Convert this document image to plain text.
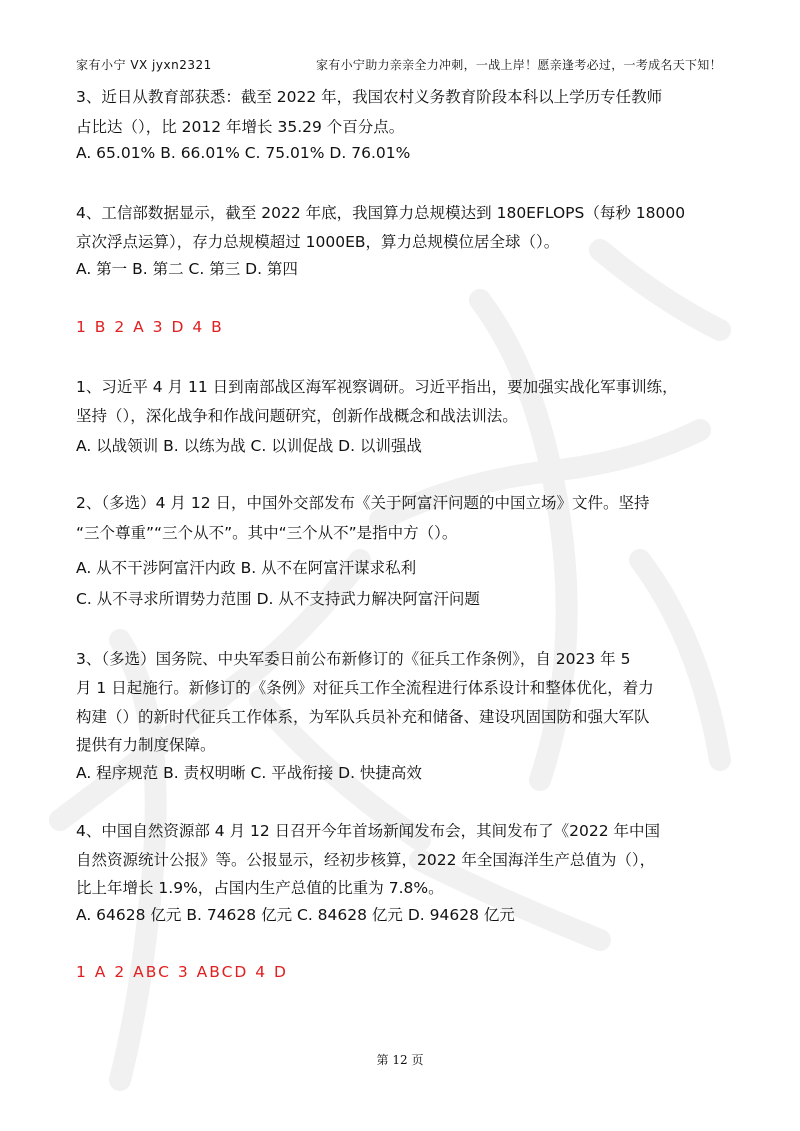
家有小宁 VX jyxn2321	家有小宁助力亲亲全力冲刺，一战上岸！愿亲逢考必过，一考成名天下知！
3、近日从教育部获悉：截至 2022 年，我国农村义务教育阶段本科以上学历专任教师
占比达（），比 2012 年增长 35.29 个百分点。
A. 65.01% B. 66.01% C. 75.01% D. 76.01%
4、工信部数据显示，截至 2022 年底，我国算力总规模达到 180EFLOPS（每秒 18000
京次浮点运算），存力总规模超过 1000EB，算力总规模位居全球（）。
A. 第一 B. 第二 C. 第三 D. 第四
1 B 2 A 3 D 4 B
1、习近平 4 月 11 日到南部战区海军视察调研。习近平指出，要加强实战化军事训练，
坚持（），深化战争和作战问题研究，创新作战概念和战法训法。
A. 以战领训 B. 以练为战 C. 以训促战 D. 以训强战
2、（多选）4 月 12 日，中国外交部发布《关于阿富汗问题的中国立场》文件。坚持
“三个尊重”“三个从不”。其中“三个从不”是指中方（）。
A. 从不干涉阿富汗内政 B. 从不在阿富汗谋求私利
C. 从不寻求所谓势力范围 D. 从不支持武力解决阿富汗问题
3、（多选）国务院、中央军委日前公布新修订的《征兵工作条例》，自 2023 年 5
月 1 日起施行。新修订的《条例》对征兵工作全流程进行体系设计和整体优化，着力
构建（）的新时代征兵工作体系，为军队兵员补充和储备、建设巩固国防和强大军队
提供有力制度保障。
A. 程序规范 B. 责权明晰 C. 平战衔接 D. 快捷高效
4、中国自然资源部 4 月 12 日召开今年首场新闻发布会，其间发布了《2022 年中国
自然资源统计公报》等。公报显示，经初步核算，2022 年全国海洋生产总值为（），
比上年增长 1.9%，占国内生产总值的比重为 7.8%。
A. 64628 亿元 B. 74628 亿元 C. 84628 亿元 D. 94628 亿元
1 A 2 ABC 3 ABCD 4 D
第 12 页
